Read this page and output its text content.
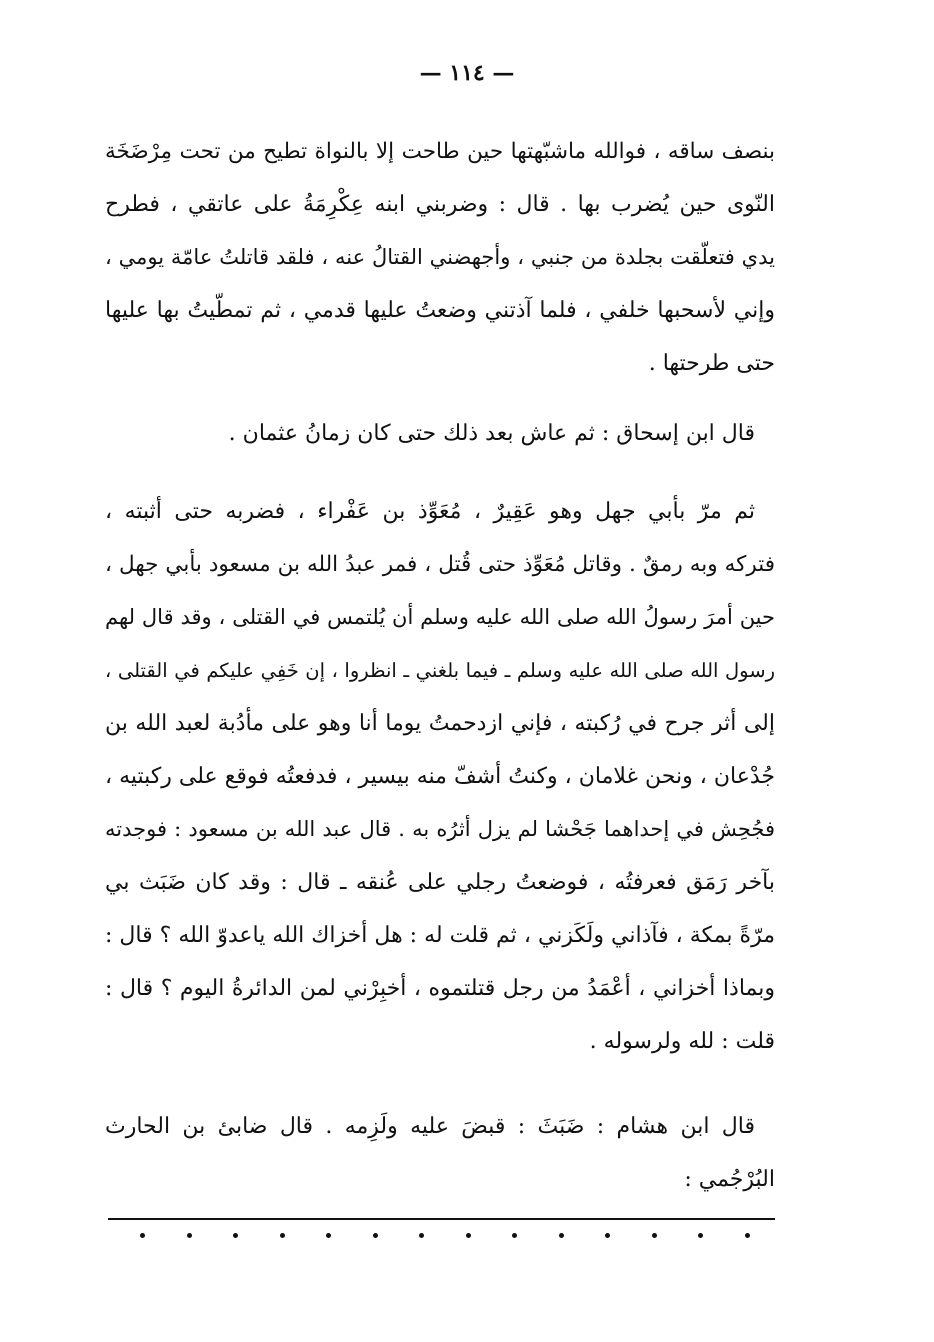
— ١١٤ —
بنصف ساقه ، فوالله ماشبّهتها حين طاحت إلا بالنواة تطيح من تحت مِرْضَخَة
النّوى حين يُضرب بها . قال : وضربني ابنه عِكْرِمَةُ على عاتقي ، فطرح
يدي فتعلّقت بجلدة من جنبي ، وأجهضني القتالُ عنه ، فلقد قاتلتُ عامّة يومي ،
وإني لأسحبها خلفي ، فلما آذتني وضعتُ عليها قدمي ، ثم تمطّيتُ بها عليها
حتى طرحتها .
قال ابن إسحاق : ثم عاش بعد ذلك حتى كان زمانُ عثمان .
ثم مرّ بأبي جهل وهو عَقِيرٌ ، مُعَوِّذ بن عَفْراء ، فضربه حتى أثبته ،
فتركه وبه رمقٌ . وقاتل مُعَوِّذ حتى قُتل ، فمر عبدُ الله بن مسعود بأبي جهل ،
حين أمرَ رسولُ الله صلى الله عليه وسلم أن يُلتمس في القتلى ، وقد قال لهم
رسول الله صلى الله عليه وسلم ـ فيما بلغني ـ انظروا ، إن خَفِي عليكم في القتلى ،
إلى أثر جرح في رُكبته ، فإني ازدحمتُ يوما أنا وهو على مأدُبة لعبد الله بن
جُدْعان ، ونحن غلامان ، وكنتُ أشفّ منه بيسير ، فدفعتُه فوقع على ركبتيه ،
فجُحِش في إحداهما جَحْشا لم يزل أثرُه به . قال عبد الله بن مسعود : فوجدته
بآخر رَمَق فعرفتُه ، فوضعتُ رجلي على عُنقه ـ قال : وقد كان ضَبَث بي
مرّةً بمكة ، فآذاني ولَكَزني ، ثم قلت له : هل أخزاك الله ياعدوّ الله ؟ قال :
وبماذا أخزاني ، أعْمَدُ من رجل قتلتموه ، أخبِرْني لمن الدائرةُ اليوم ؟ قال :
قلت : لله ولرسوله .
قال ابن هشام : ضَبَثَ : قبضَ عليه ولَزِمه . قال ضابئ بن الحارث
البُرْجُمي :
